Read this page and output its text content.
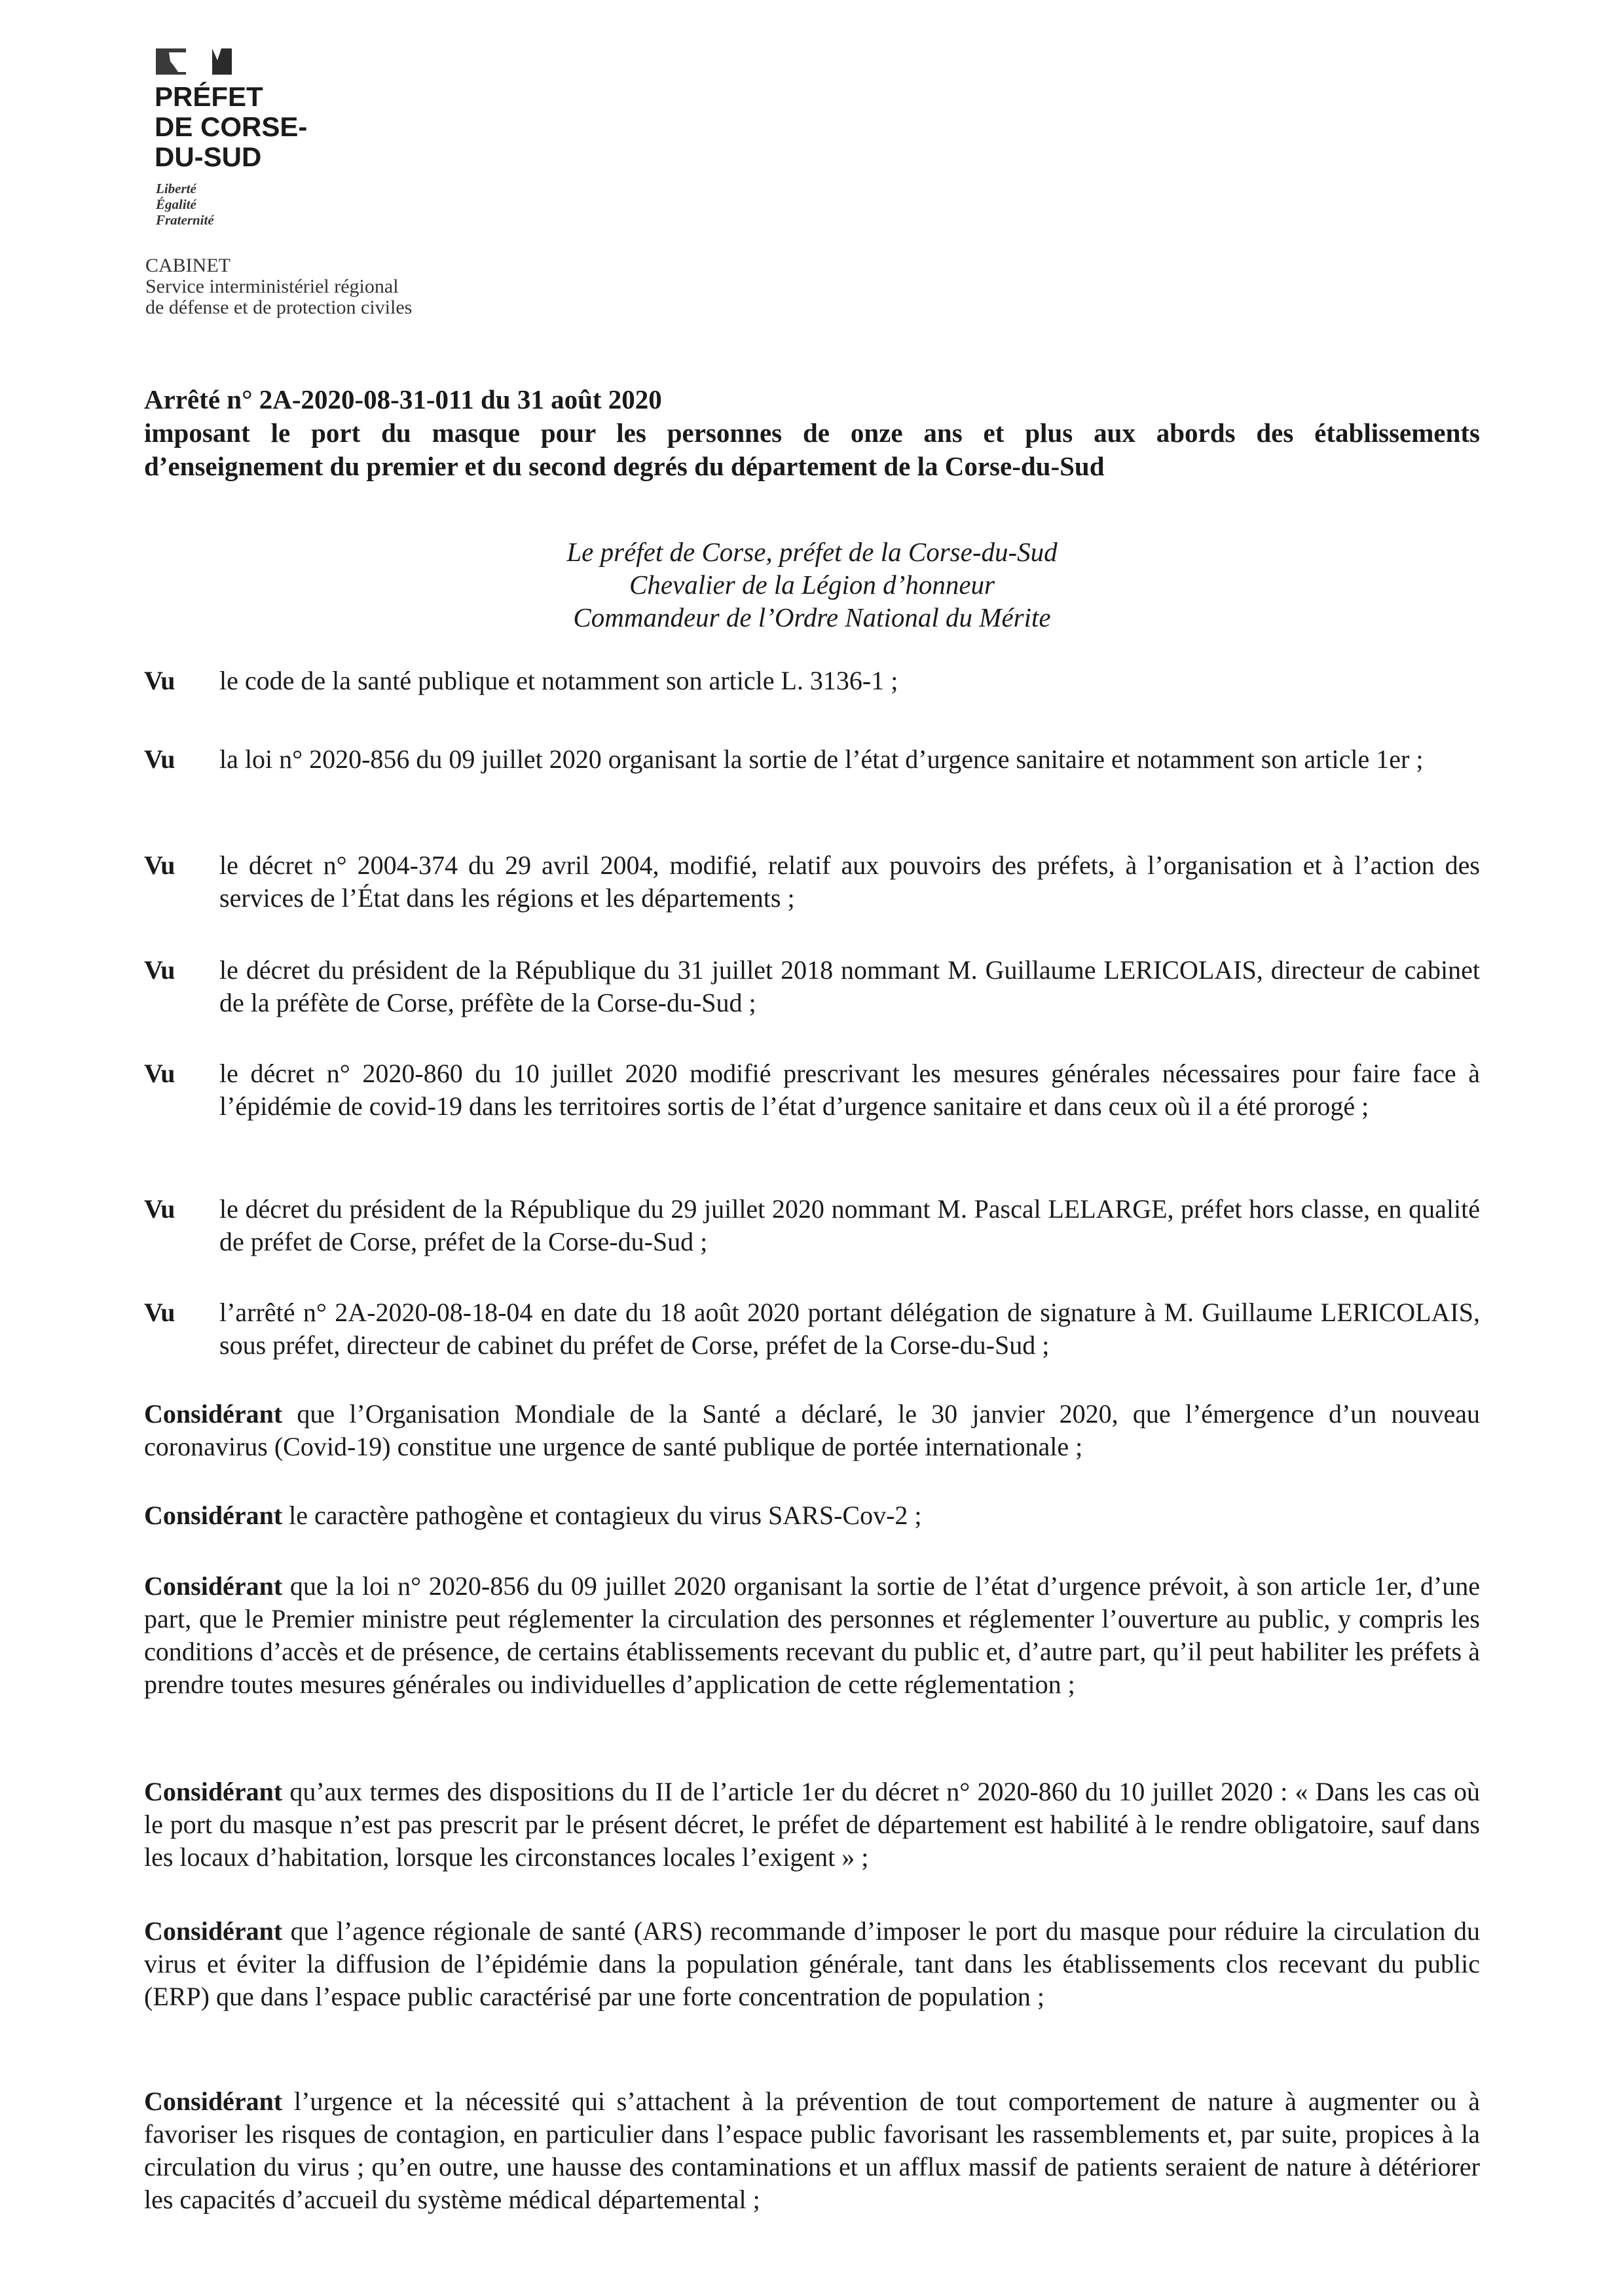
PRÉFET
DE CORSE-
DU-SUD
Liberté
Égalité
Fraternité
CABINET
Service interministériel régional
de défense et de protection civiles
Arrêté n° 2A-2020-08-31-011 du 31 août 2020
imposant le port du masque pour les personnes de onze ans et plus aux abords des établissements
d’enseignement du premier et du second degrés du département de la Corse-du-Sud
Le préfet de Corse, préfet de la Corse-du-Sud
Chevalier de la Légion d’honneur
Commandeur de l’Ordre National du Mérite
Vu le code de la santé publique et notamment son article L. 3136-1 ;
Vu la loi n° 2020-856 du 09 juillet 2020 organisant la sortie de l’état d’urgence sanitaire et notamment son article 1er ;
Vu le décret n° 2004-374 du 29 avril 2004, modifié, relatif aux pouvoirs des préfets, à l’organisation et à l’action des services de l’État dans les régions et les départements ;
Vu le décret du président de la République du 31 juillet 2018 nommant M. Guillaume LERICOLAIS, directeur de cabinet de la préfète de Corse, préfète de la Corse-du-Sud ;
Vu le décret n° 2020-860 du 10 juillet 2020 modifié prescrivant les mesures générales nécessaires pour faire face à l’épidémie de covid-19 dans les territoires sortis de l’état d’urgence sanitaire et dans ceux où il a été prorogé ;
Vu le décret du président de la République du 29 juillet 2020 nommant M. Pascal LELARGE, préfet hors classe, en qualité de préfet de Corse, préfet de la Corse-du-Sud ;
Vu l’arrêté n° 2A-2020-08-18-04 en date du 18 août 2020 portant délégation de signature à M. Guillaume LERICOLAIS, sous préfet, directeur de cabinet du préfet de Corse, préfet de la Corse-du-Sud ;
Considérant que l’Organisation Mondiale de la Santé a déclaré, le 30 janvier 2020, que l’émergence d’un nouveau coronavirus (Covid-19) constitue une urgence de santé publique de portée internationale ;
Considérant le caractère pathogène et contagieux du virus SARS-Cov-2 ;
Considérant que la loi n° 2020-856 du 09 juillet 2020 organisant la sortie de l’état d’urgence prévoit, à son article 1er, d’une part, que le Premier ministre peut réglementer la circulation des personnes et réglementer l’ouverture au public, y compris les conditions d’accès et de présence, de certains établissements recevant du public et, d’autre part, qu’il peut habiliter les préfets à prendre toutes mesures générales ou individuelles d’application de cette réglementation ;
Considérant qu’aux termes des dispositions du II de l’article 1er du décret n° 2020-860 du 10 juillet 2020 : « Dans les cas où le port du masque n’est pas prescrit par le présent décret, le préfet de département est habilité à le rendre obligatoire, sauf dans les locaux d’habitation, lorsque les circonstances locales l’exigent » ;
Considérant que l’agence régionale de santé (ARS) recommande d’imposer le port du masque pour réduire la circulation du virus et éviter la diffusion de l’épidémie dans la population générale, tant dans les établissements clos recevant du public (ERP) que dans l’espace public caractérisé par une forte concentration de population ;
Considérant l’urgence et la nécessité qui s’attachent à la prévention de tout comportement de nature à augmenter ou à favoriser les risques de contagion, en particulier dans l’espace public favorisant les rassemblements et, par suite, propices à la circulation du virus ; qu’en outre, une hausse des contaminations et un afflux massif de patients seraient de nature à détériorer les capacités d’accueil du système médical départemental ;
